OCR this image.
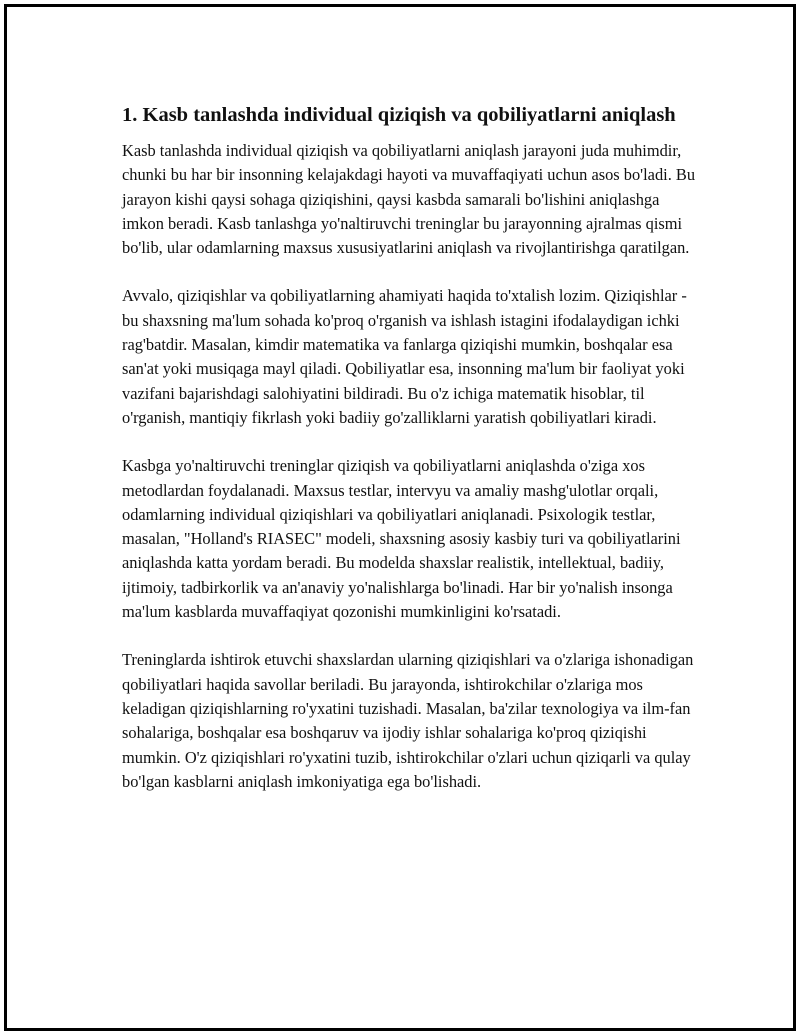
1. Kasb tanlashda individual qiziqish va qobiliyatlarni aniqlash

Kasb tanlashda individual qiziqish va qobiliyatlarni aniqlash jarayoni juda muhimdir, chunki bu har bir insonning kelajakdagi hayoti va muvaffaqiyati uchun asos bo'ladi. Bu jarayon kishi qaysi sohaga qiziqishini, qaysi kasbda samarali bo'lishini aniqlashga imkon beradi. Kasb tanlashga yo'naltiruvchi treninglar bu jarayonning ajralmas qismi bo'lib, ular odamlarning maxsus xususiyatlarini aniqlash va rivojlantirishga qaratilgan.

Avvalo, qiziqishlar va qobiliyatlarning ahamiyati haqida to'xtalish lozim. Qiziqishlar - bu shaxsning ma'lum sohada ko'proq o'rganish va ishlash istagini ifodalaydigan ichki rag'batdir. Masalan, kimdir matematika va fanlarga qiziqishi mumkin, boshqalar esa san'at yoki musiqaga mayl qiladi. Qobiliyatlar esa, insonning ma'lum bir faoliyat yoki vazifani bajarishdagi salohiyatini bildiradi. Bu o'z ichiga matematik hisoblar, til o'rganish, mantiqiy fikrlash yoki badiiy go'zalliklarni yaratish qobiliyatlari kiradi.

Kasbga yo'naltiruvchi treninglar qiziqish va qobiliyatlarni aniqlashda o'ziga xos metodlardan foydalanadi. Maxsus testlar, intervyu va amaliy mashg'ulotlar orqali, odamlarning individual qiziqishlari va qobiliyatlari aniqlanadi. Psixologik testlar, masalan, "Holland's RIASEC" modeli, shaxsning asosiy kasbiy turi va qobiliyatlarini aniqlashda katta yordam beradi. Bu modelda shaxslar realistik, intellektual, badiiy, ijtimoiy, tadbirkorlik va an'anaviy yo'nalishlarga bo'linadi. Har bir yo'nalish insonga ma'lum kasblarda muvaffaqiyat qozonishi mumkinligini ko'rsatadi.

Treninglarda ishtirok etuvchi shaxslardan ularning qiziqishlari va o'zlariga ishonadigan qobiliyatlari haqida savollar beriladi. Bu jarayonda, ishtirokchilar o'zlariga mos keladigan qiziqishlarning ro'yxatini tuzishadi. Masalan, ba'zilar texnologiya va ilm-fan sohalariga, boshqalar esa boshqaruv va ijodiy ishlar sohalariga ko'proq qiziqishi mumkin. O'z qiziqishlari ro'yxatini tuzib, ishtirokchilar o'zlari uchun qiziqarli va qulay bo'lgan kasblarni aniqlash imkoniyatiga ega bo'lishadi.
